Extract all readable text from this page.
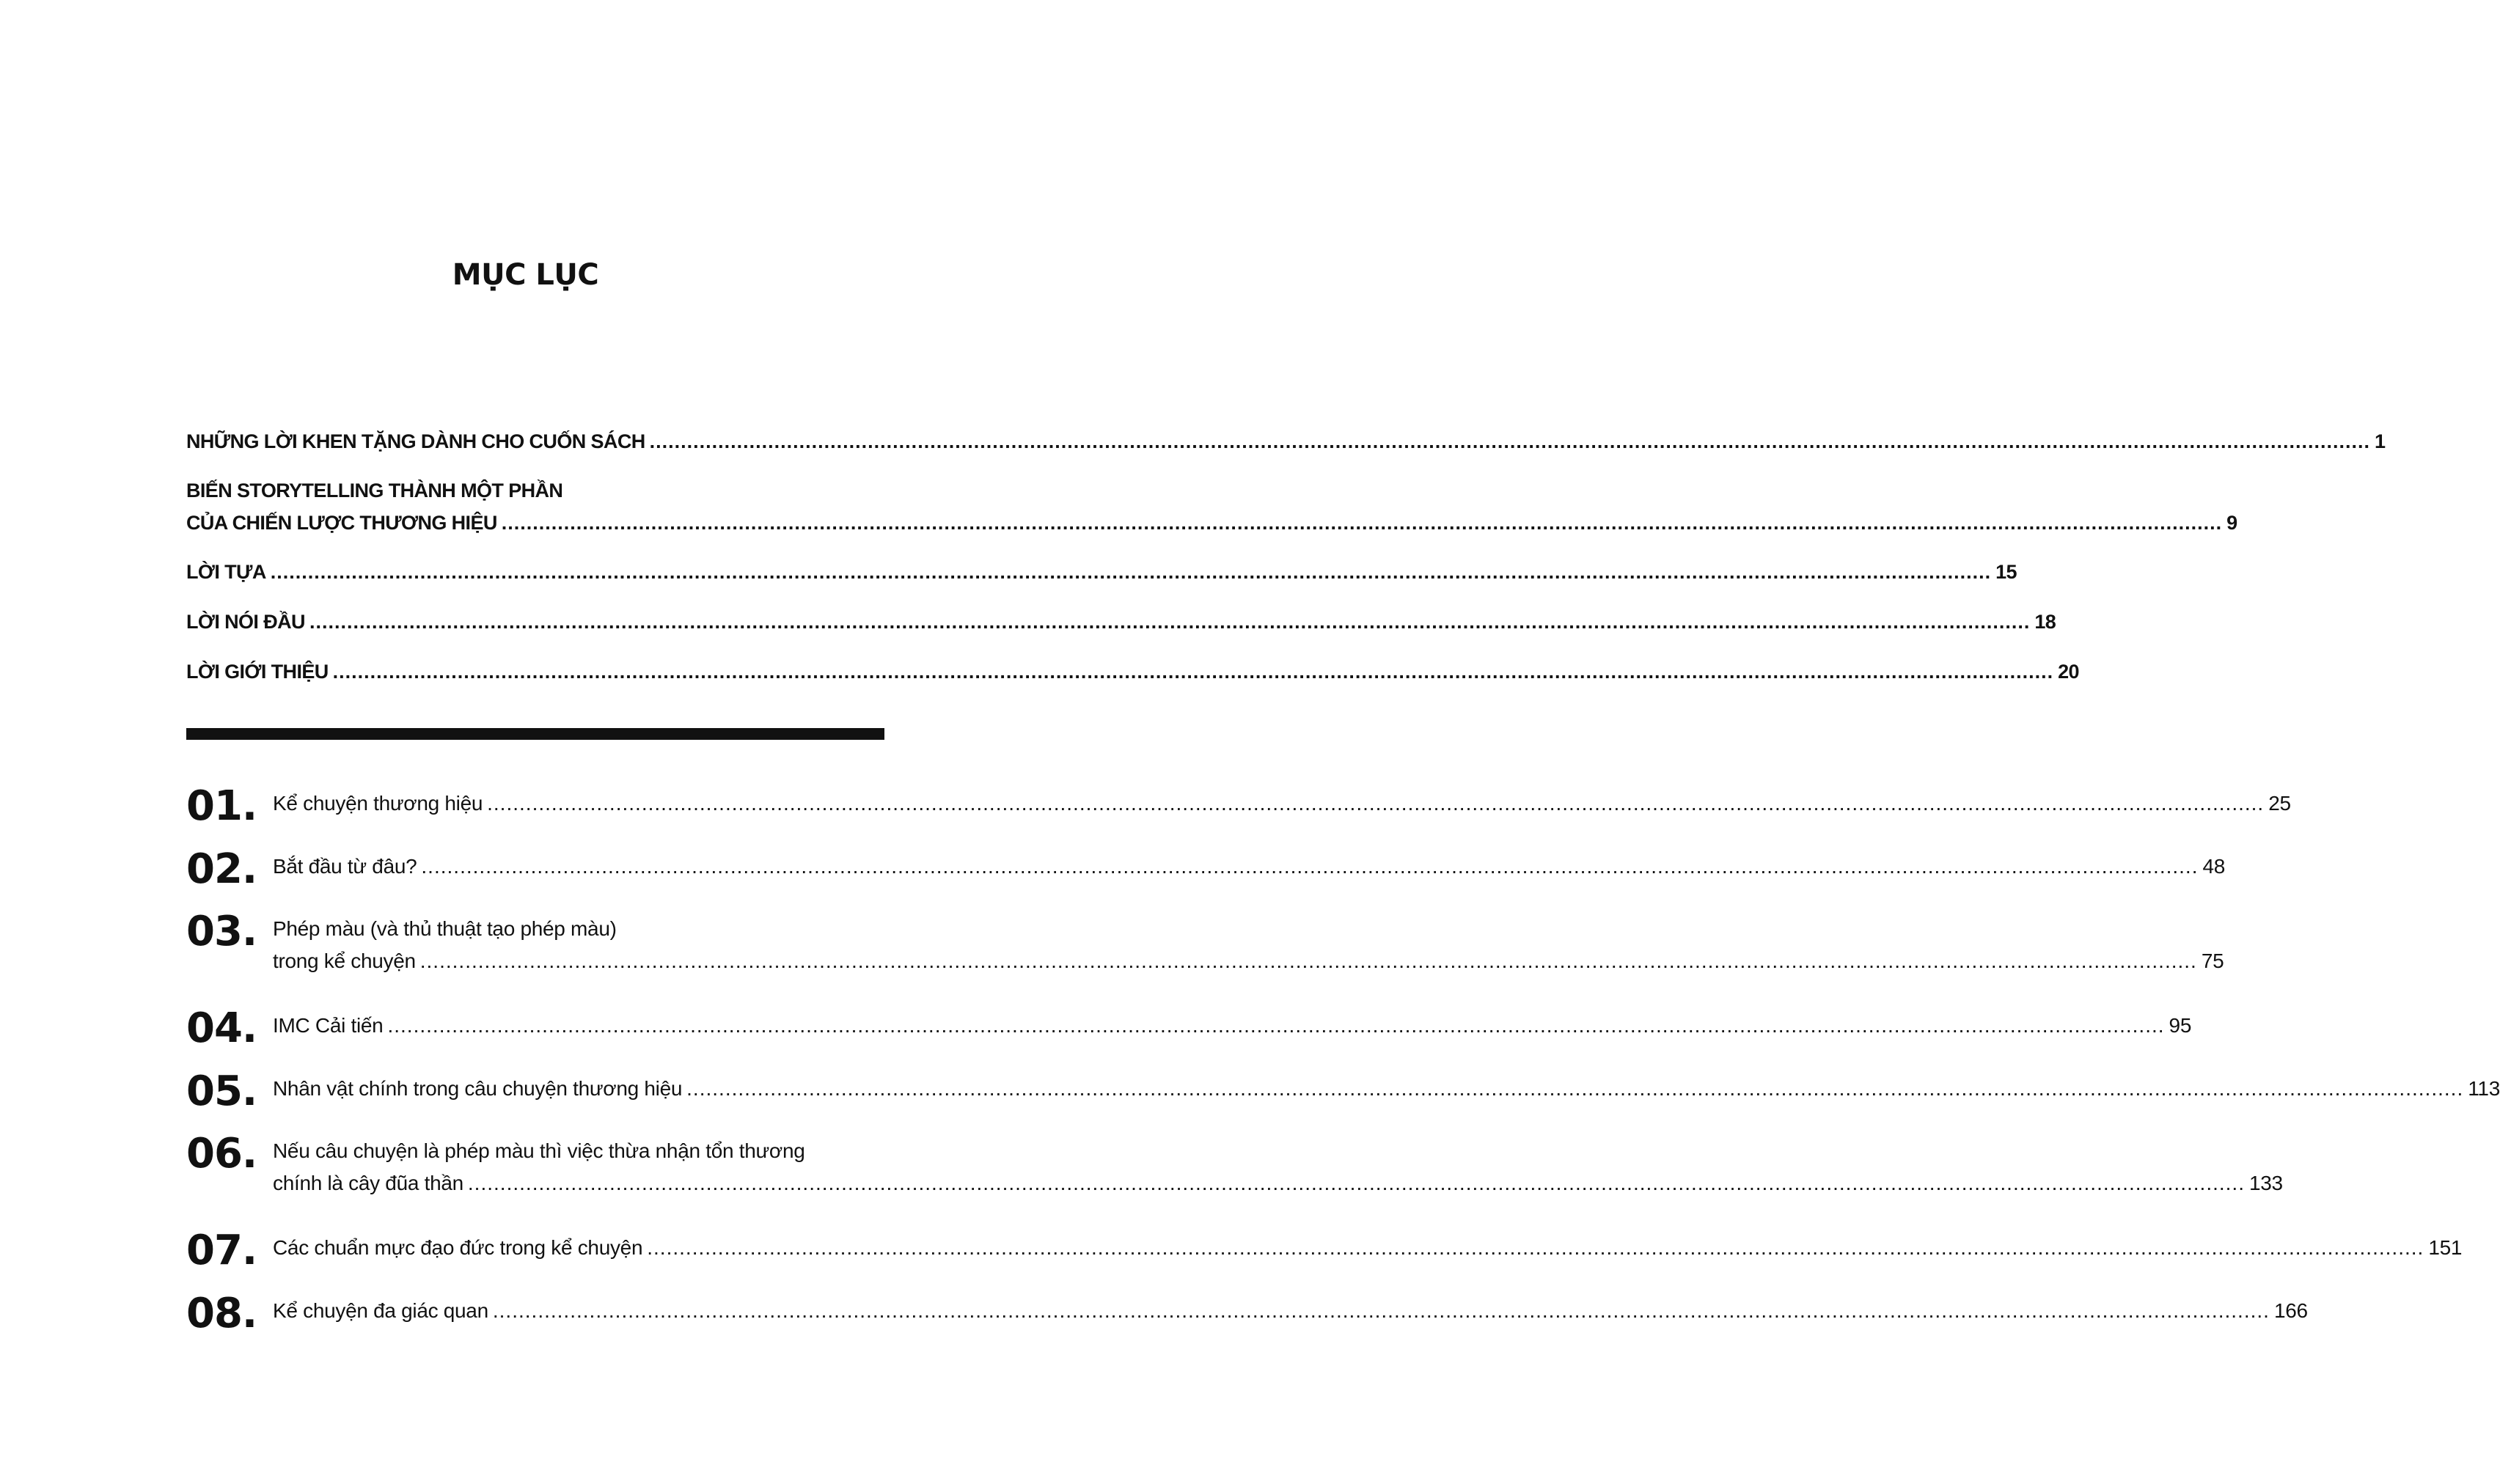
MỤC LỤC
NHỮNG LỜI KHEN TẶNG DÀNH CHO CUỐN SÁCH .....	1
BIẾN STORYTELLING THÀNH MỘT PHẦN
CỦA CHIẾN LƯỢC THƯƠNG HIỆU .....	9
LỜI TỰA .....	15
LỜI NÓI ĐẦU .....	18
LỜI GIỚI THIỆU .....	20
01. Kể chuyện thương hiệu .....	25
02. Bắt đầu từ đâu? .....	48
03. Phép màu (và thủ thuật tạo phép màu)
trong kể chuyện .....	75
04. IMC Cải tiến .....	95
05. Nhân vật chính trong câu chuyện thương hiệu .....	113
06. Nếu câu chuyện là phép màu thì việc thừa nhận tổn thương
chính là cây đũa thần .....	133
07. Các chuẩn mực đạo đức trong kể chuyện .....	151
08. Kể chuyện đa giác quan .....	166
